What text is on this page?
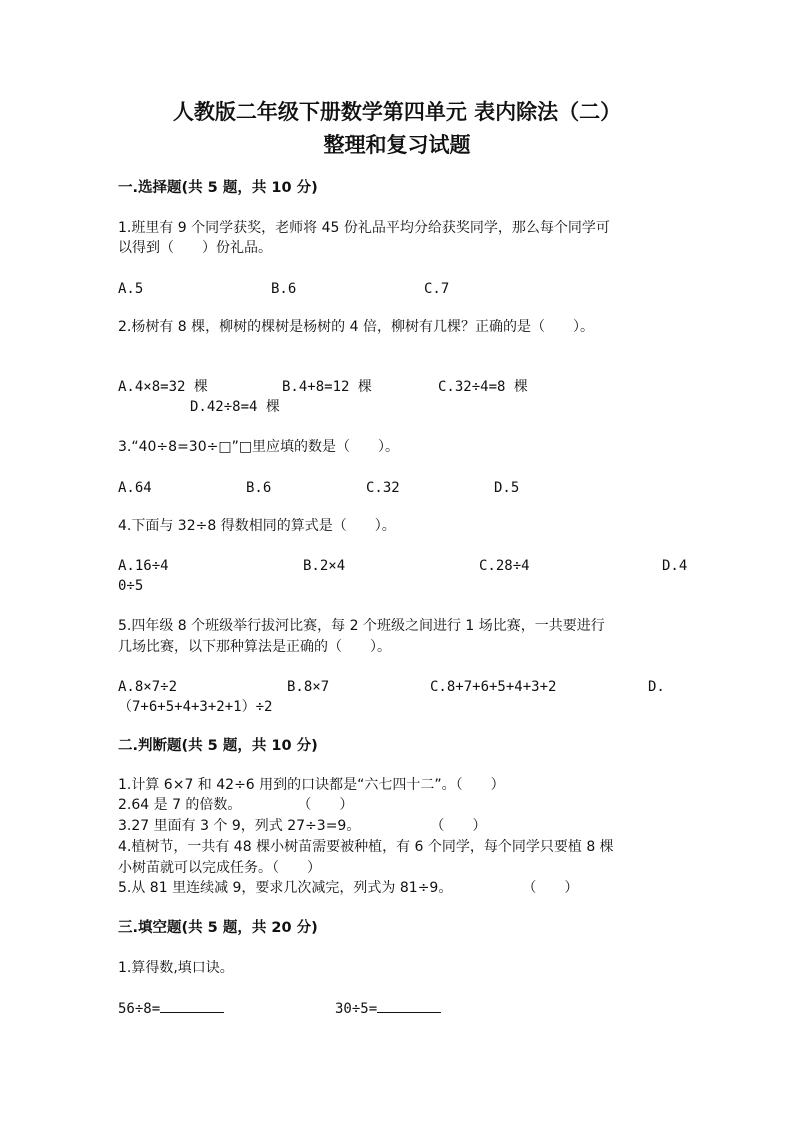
人教版二年级下册数学第四单元 表内除法（二）
整理和复习试题
一.选择题(共 5 题，共 10 分)
1.班里有 9 个同学获奖，老师将 45 份礼品平均分给获奖同学，那么每个同学可
以得到（　　）份礼品。
A.5	B.6	C.7
2.杨树有 8 棵，柳树的棵树是杨树的 4 倍，柳树有几棵？正确的是（　　）。
A.4×8=32 棵	B.4+8=12 棵	C.32÷4=8 棵
D.42÷8=4 棵
3.“40÷8=30÷□”□里应填的数是（　　）。
A.64	B.6	C.32	D.5
4.下面与 32÷8 得数相同的算式是（　　）。
A.16÷4	B.2×4	C.28÷4	D.4
0÷5
5.四年级 8 个班级举行拔河比赛，每 2 个班级之间进行 1 场比赛，一共要进行
几场比赛，以下那种算法是正确的（　　）。
A.8×7÷2	B.8×7	C.8+7+6+5+4+3+2	D.
（7+6+5+4+3+2+1）÷2
二.判断题(共 5 题，共 10 分)
1.计算 6×7 和 42÷6 用到的口诀都是“六七四十二”。（　　）
2.64 是 7 的倍数。　　　　　（　　）
3.27 里面有 3 个 9，列式 27÷3=9。　　　　　　（　　）
4.植树节，一共有 48 棵小树苗需要被种植，有 6 个同学，每个同学只要植 8 棵
小树苗就可以完成任务。（　　）
5.从 81 里连续减 9，要求几次减完，列式为 81÷9。　　　　　　（　　）
三.填空题(共 5 题，共 20 分)
1.算得数,填口诀。
56÷8=	30÷5=
